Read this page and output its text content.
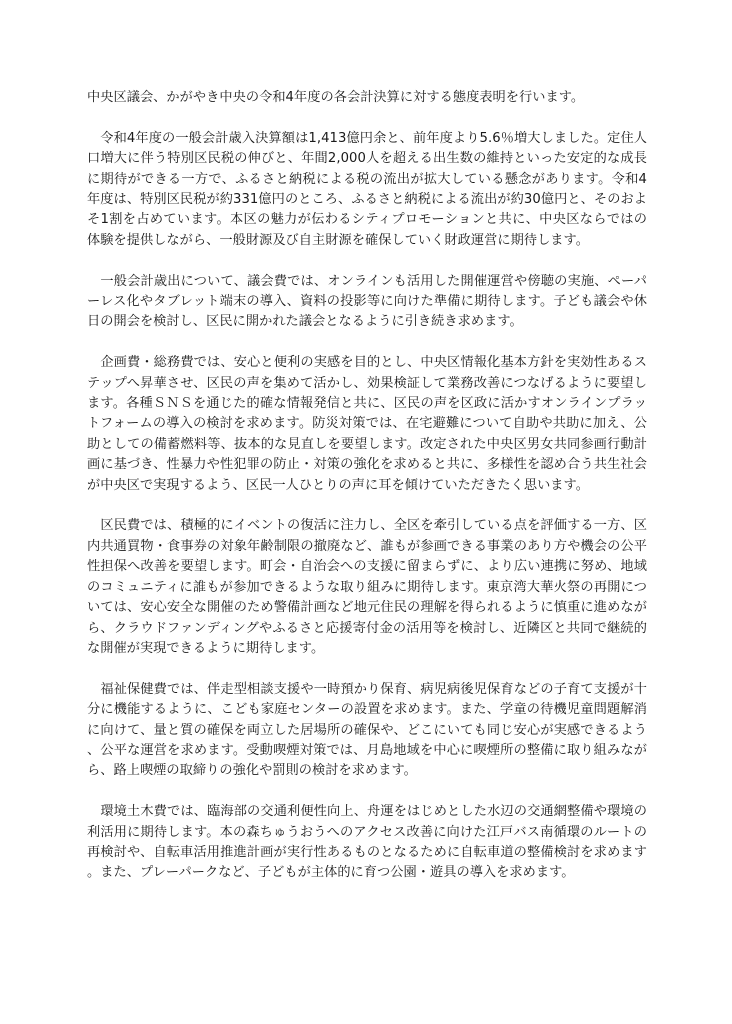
中央区議会、かがやき中央の令和4年度の各会計決算に対する態度表明を行います。

　令和4年度の一般会計歳入決算額は1,413億円余と、前年度より5.6％増大しました。定住人口増大に伴う特別区民税の伸びと、年間2,000人を超える出生数の維持といった安定的な成長に期待ができる一方で、ふるさと納税による税の流出が拡大している懸念があります。令和4年度は、特別区民税が約331億円のところ、ふるさと納税による流出が約30億円と、そのおよそ1割を占めています。本区の魅力が伝わるシティプロモーションと共に、中央区ならではの体験を提供しながら、一般財源及び自主財源を確保していく財政運営に期待します。

　一般会計歳出について、議会費では、オンラインも活用した開催運営や傍聴の実施、ペーパーレス化やタブレット端末の導入、資料の投影等に向けた準備に期待します。子ども議会や休日の開会を検討し、区民に開かれた議会となるように引き続き求めます。

　企画費・総務費では、安心と便利の実感を目的とし、中央区情報化基本方針を実効性あるステップへ昇華させ、区民の声を集めて活かし、効果検証して業務改善につなげるように要望します。各種ＳＮＳを通じた的確な情報発信と共に、区民の声を区政に活かすオンラインプラットフォームの導入の検討を求めます。防災対策では、在宅避難について自助や共助に加え、公助としての備蓄燃料等、抜本的な見直しを要望します。改定された中央区男女共同参画行動計画に基づき、性暴力や性犯罪の防止・対策の強化を求めると共に、多様性を認め合う共生社会が中央区で実現するよう、区民一人ひとりの声に耳を傾けていただきたく思います。

　区民費では、積極的にイベントの復活に注力し、全区を牽引している点を評価する一方、区内共通買物・食事券の対象年齢制限の撤廃など、誰もが参画できる事業のあり方や機会の公平性担保へ改善を要望します。町会・自治会への支援に留まらずに、より広い連携に努め、地域のコミュニティに誰もが参加できるような取り組みに期待します。東京湾大華火祭の再開については、安心安全な開催のため警備計画など地元住民の理解を得られるように慎重に進めながら、クラウドファンディングやふるさと応援寄付金の活用等を検討し、近隣区と共同で継続的な開催が実現できるように期待します。

　福祉保健費では、伴走型相談支援や一時預かり保育、病児病後児保育などの子育て支援が十分に機能するように、こども家庭センターの設置を求めます。また、学童の待機児童問題解消に向けて、量と質の確保を両立した居場所の確保や、どこにいても同じ安心が実感できるよう、公平な運営を求めます。受動喫煙対策では、月島地域を中心に喫煙所の整備に取り組みながら、路上喫煙の取締りの強化や罰則の検討を求めます。

　環境土木費では、臨海部の交通利便性向上、舟運をはじめとした水辺の交通網整備や環境の利活用に期待します。本の森ちゅうおうへのアクセス改善に向けた江戸バス南循環のルートの再検討や、自転車活用推進計画が実行性あるものとなるために自転車道の整備検討を求めます。また、プレーパークなど、子どもが主体的に育つ公園・遊具の導入を求めます。
